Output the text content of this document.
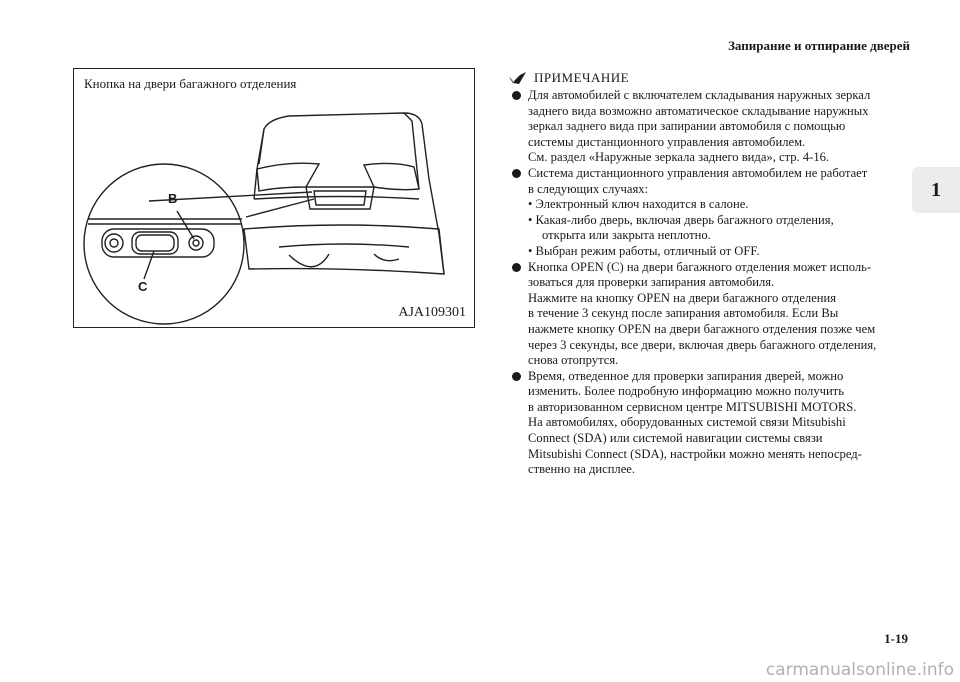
Запирание и отпирание дверей
1
Кнопка на двери багажного отделения
B
C
AJA109301
ПРИМЕЧАНИЕ
Для автомобилей с включателем складывания наружных зеркал
заднего вида возможно автоматическое складывание наружных
зеркал заднего вида при запирании автомобиля с помощью
системы дистанционного управления автомобилем.
См. раздел «Наружные зеркала заднего вида», стр. 4-16.
Система дистанционного управления автомобилем не работает
в следующих случаях:
• Электронный ключ находится в салоне.
• Какая-либо дверь, включая дверь багажного отделения,
открыта или закрыта неплотно.
• Выбран режим работы, отличный от OFF.
Кнопка OPEN (C) на двери багажного отделения может исполь-
зоваться для проверки запирания автомобиля.
Нажмите на кнопку OPEN на двери багажного отделения
в течение 3 секунд после запирания автомобиля. Если Вы
нажмете кнопку OPEN на двери багажного отделения позже чем
через 3 секунды, все двери, включая дверь багажного отделения,
снова отопрутся.
Время, отведенное для проверки запирания дверей, можно
изменить. Более подробную информацию можно получить
в авторизованном сервисном центре MITSUBISHI MOTORS.
На автомобилях, оборудованных системой связи Mitsubishi
Connect (SDA) или системой навигации системы связи
Mitsubishi Connect (SDA), настройки можно менять непосред-
ственно на дисплее.
1-19
carmanualsonline.info
